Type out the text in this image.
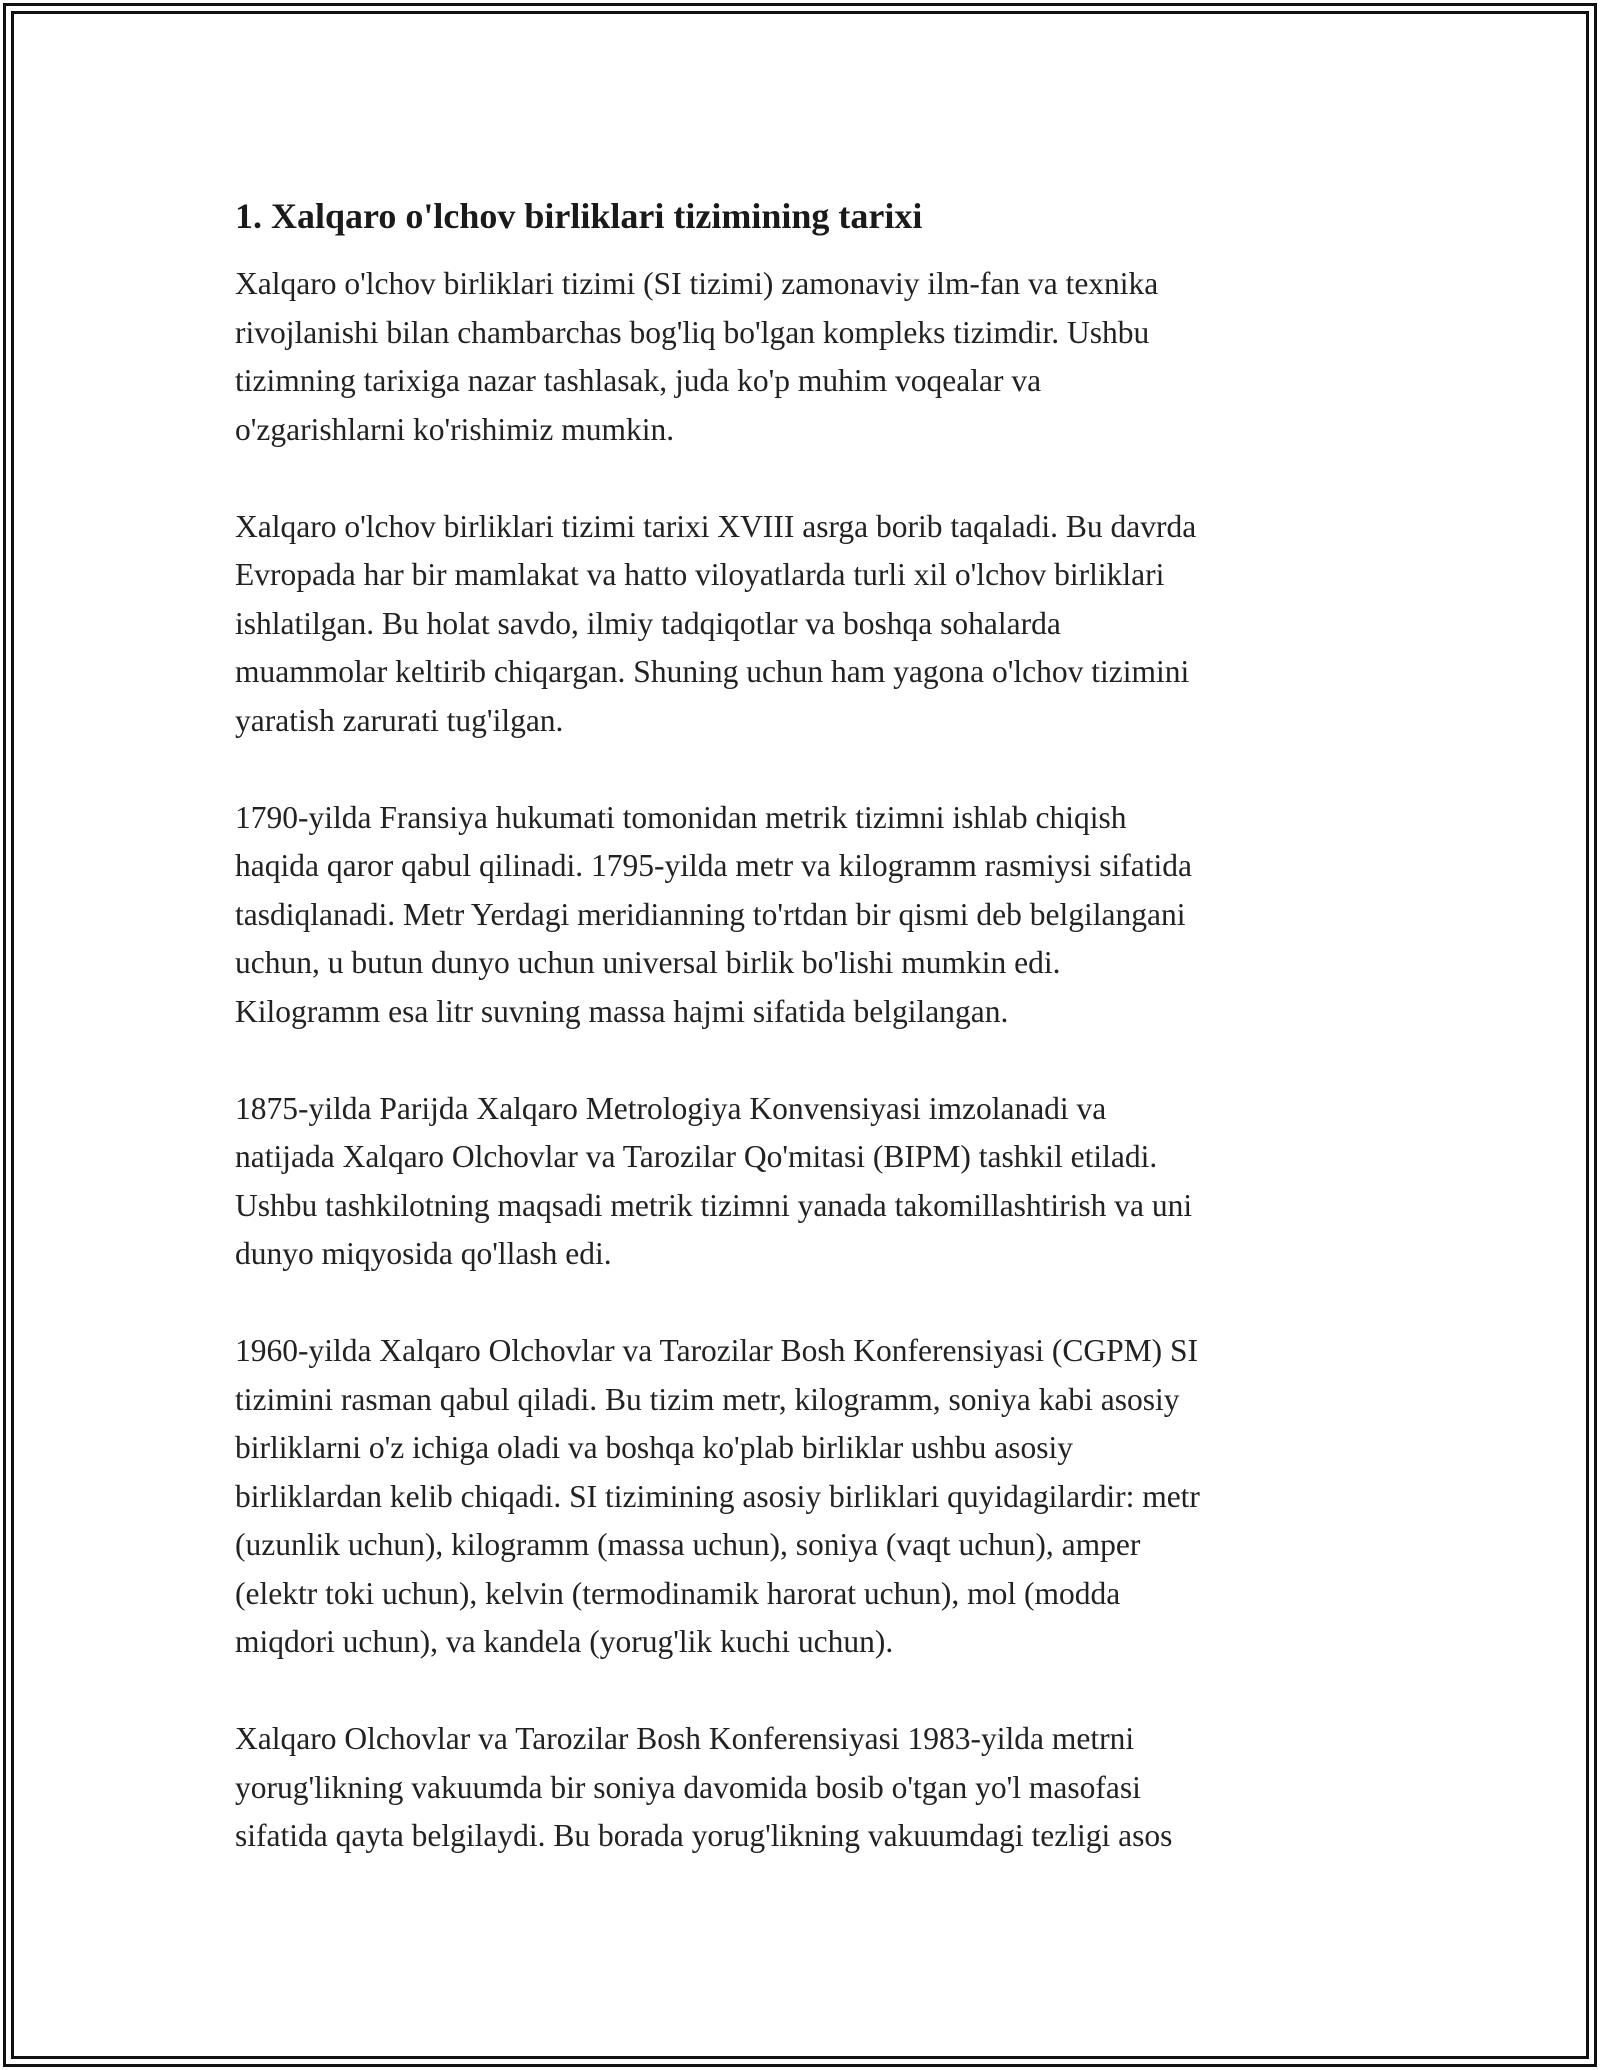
1. Xalqaro o'lchov birliklari tizimining tarixi

Xalqaro o'lchov birliklari tizimi (SI tizimi) zamonaviy ilm-fan va texnika
rivojlanishi bilan chambarchas bog'liq bo'lgan kompleks tizimdir. Ushbu
tizimning tarixiga nazar tashlasak, juda ko'p muhim voqealar va
o'zgarishlarni ko'rishimiz mumkin.

Xalqaro o'lchov birliklari tizimi tarixi XVIII asrga borib taqaladi. Bu davrda
Evropada har bir mamlakat va hatto viloyatlarda turli xil o'lchov birliklari
ishlatilgan. Bu holat savdo, ilmiy tadqiqotlar va boshqa sohalarda
muammolar keltirib chiqargan. Shuning uchun ham yagona o'lchov tizimini
yaratish zarurati tug'ilgan.

1790-yilda Fransiya hukumati tomonidan metrik tizimni ishlab chiqish
haqida qaror qabul qilinadi. 1795-yilda metr va kilogramm rasmiysi sifatida
tasdiqlanadi. Metr Yerdagi meridianning to'rtdan bir qismi deb belgilangani
uchun, u butun dunyo uchun universal birlik bo'lishi mumkin edi.
Kilogramm esa litr suvning massa hajmi sifatida belgilangan.

1875-yilda Parijda Xalqaro Metrologiya Konvensiyasi imzolanadi va
natijada Xalqaro Olchovlar va Tarozilar Qo'mitasi (BIPM) tashkil etiladi.
Ushbu tashkilotning maqsadi metrik tizimni yanada takomillashtirish va uni
dunyo miqyosida qo'llash edi.

1960-yilda Xalqaro Olchovlar va Tarozilar Bosh Konferensiyasi (CGPM) SI
tizimini rasman qabul qiladi. Bu tizim metr, kilogramm, soniya kabi asosiy
birliklarni o'z ichiga oladi va boshqa ko'plab birliklar ushbu asosiy
birliklardan kelib chiqadi. SI tizimining asosiy birliklari quyidagilardir: metr
(uzunlik uchun), kilogramm (massa uchun), soniya (vaqt uchun), amper
(elektr toki uchun), kelvin (termodinamik harorat uchun), mol (modda
miqdori uchun), va kandela (yorug'lik kuchi uchun).

Xalqaro Olchovlar va Tarozilar Bosh Konferensiyasi 1983-yilda metrni
yorug'likning vakuumda bir soniya davomida bosib o'tgan yo'l masofasi
sifatida qayta belgilaydi. Bu borada yorug'likning vakuumdagi tezligi asos
